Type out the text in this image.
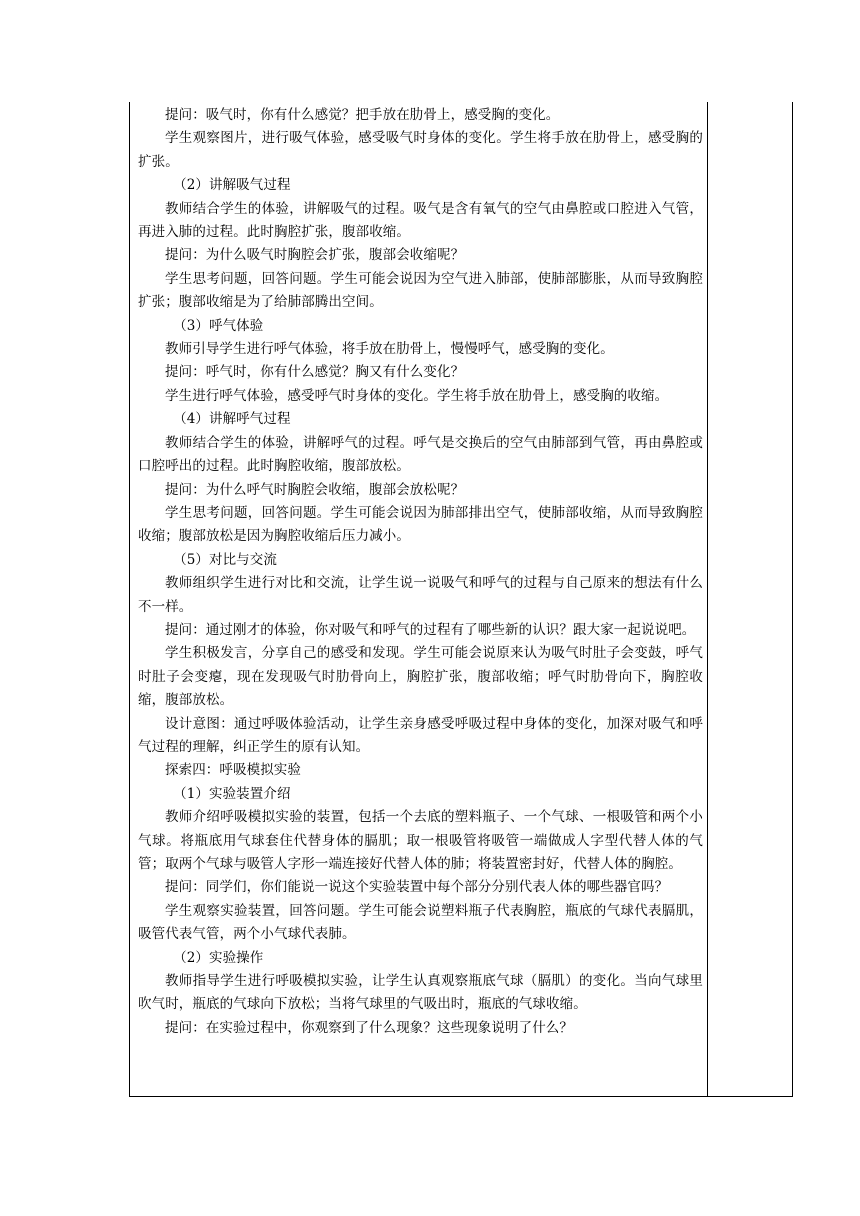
提问：吸气时，你有什么感觉？把手放在肋骨上，感受胸的变化。

学生观察图片，进行吸气体验，感受吸气时身体的变化。学生将手放在肋骨上，感受胸的扩张。

（2）讲解吸气过程

教师结合学生的体验，讲解吸气的过程。吸气是含有氧气的空气由鼻腔或口腔进入气管，再进入肺的过程。此时胸腔扩张，腹部收缩。

提问：为什么吸气时胸腔会扩张，腹部会收缩呢？

学生思考问题，回答问题。学生可能会说因为空气进入肺部，使肺部膨胀，从而导致胸腔扩张；腹部收缩是为了给肺部腾出空间。

（3）呼气体验

教师引导学生进行呼气体验，将手放在肋骨上，慢慢呼气，感受胸的变化。

提问：呼气时，你有什么感觉？胸又有什么变化？

学生进行呼气体验，感受呼气时身体的变化。学生将手放在肋骨上，感受胸的收缩。

（4）讲解呼气过程

教师结合学生的体验，讲解呼气的过程。呼气是交换后的空气由肺部到气管，再由鼻腔或口腔呼出的过程。此时胸腔收缩，腹部放松。

提问：为什么呼气时胸腔会收缩，腹部会放松呢？

学生思考问题，回答问题。学生可能会说因为肺部排出空气，使肺部收缩，从而导致胸腔收缩；腹部放松是因为胸腔收缩后压力减小。

（5）对比与交流

教师组织学生进行对比和交流，让学生说一说吸气和呼气的过程与自己原来的想法有什么不一样。

提问：通过刚才的体验，你对吸气和呼气的过程有了哪些新的认识？跟大家一起说说吧。

学生积极发言，分享自己的感受和发现。学生可能会说原来认为吸气时肚子会变鼓，呼气时肚子会变瘪，现在发现吸气时肋骨向上，胸腔扩张，腹部收缩；呼气时肋骨向下，胸腔收缩，腹部放松。

设计意图：通过呼吸体验活动，让学生亲身感受呼吸过程中身体的变化，加深对吸气和呼气过程的理解，纠正学生的原有认知。

探索四：呼吸模拟实验

（1）实验装置介绍

教师介绍呼吸模拟实验的装置，包括一个去底的塑料瓶子、一个气球、一根吸管和两个小气球。将瓶底用气球套住代替身体的膈肌；取一根吸管将吸管一端做成人字型代替人体的气管；取两个气球与吸管人字形一端连接好代替人体的肺；将装置密封好，代替人体的胸腔。

提问：同学们，你们能说一说这个实验装置中每个部分分别代表人体的哪些器官吗？

学生观察实验装置，回答问题。学生可能会说塑料瓶子代表胸腔，瓶底的气球代表膈肌，吸管代表气管，两个小气球代表肺。

（2）实验操作

教师指导学生进行呼吸模拟实验，让学生认真观察瓶底气球（膈肌）的变化。当向气球里吹气时，瓶底的气球向下放松；当将气球里的气吸出时，瓶底的气球收缩。

提问：在实验过程中，你观察到了什么现象？这些现象说明了什么？
